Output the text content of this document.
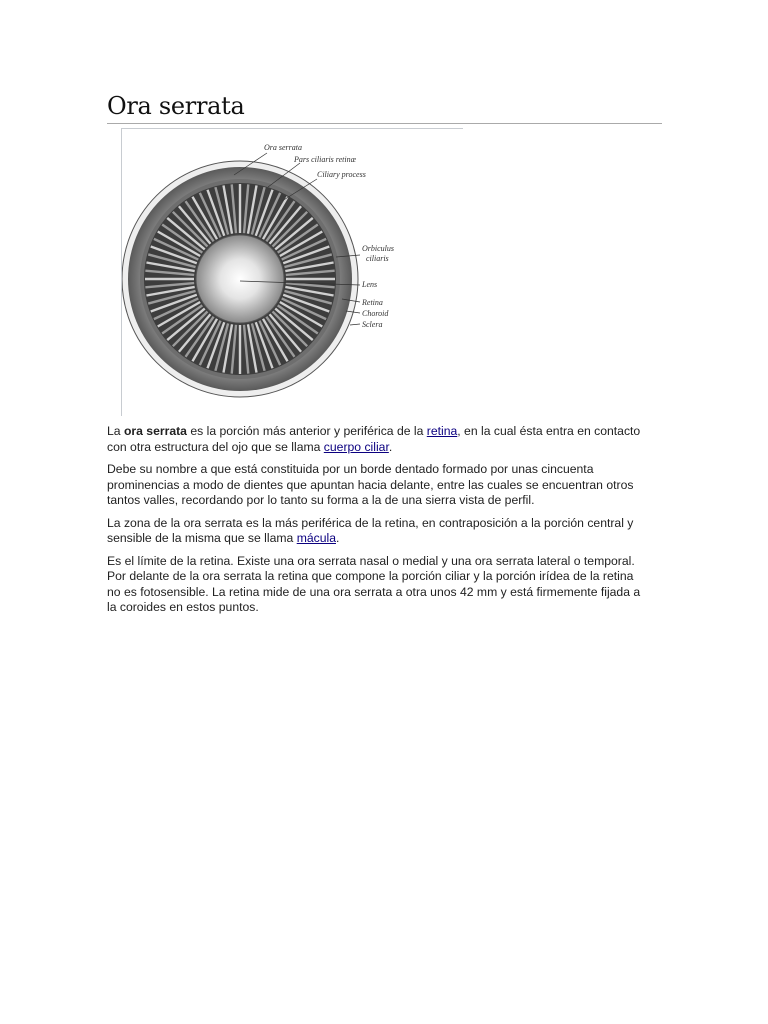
Ora serrata
Ora serrata
Pars ciliaris retinæ
Ciliary process
Orbiculus
ciliaris
Lens
Retina
Choroid
Sclera

La ora serrata es la porción más anterior y periférica de la retina, en la cual ésta entra en contacto con otra estructura del ojo que se llama cuerpo ciliar.

Debe su nombre a que está constituida por un borde dentado formado por unas cincuenta prominencias a modo de dientes que apuntan hacia delante, entre las cuales se encuentran otros tantos valles, recordando por lo tanto su forma a la de una sierra vista de perfil.

La zona de la ora serrata es la más periférica de la retina, en contraposición a la porción central y sensible de la misma que se llama mácula.

Es el límite de la retina. Existe una ora serrata nasal o medial y una ora serrata lateral o temporal. Por delante de la ora serrata la retina que compone la porción ciliar y la porción irídea de la retina no es fotosensible. La retina mide de una ora serrata a otra unos 42 mm y está firmemente fijada a la coroides en estos puntos.
